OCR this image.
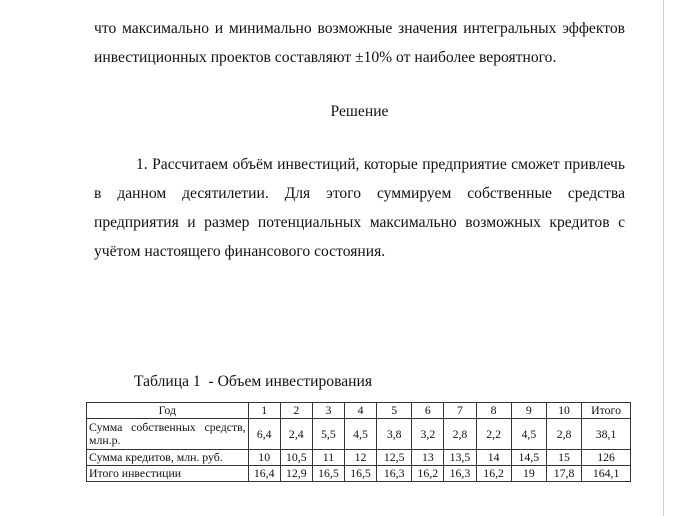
что максимально и минимально возможные значения интегральных эффектов инвестиционных проектов составляют ±10% от наиболее вероятного.

Решение

1. Рассчитаем объём инвестиций, которые предприятие сможет привлечь в данном десятилетии. Для этого суммируем собственные средства предприятия и размер потенциальных максимально возможных кредитов с учётом настоящего финансового состояния.

Таблица 1  - Объем инвестирования

Год	1	2	3	4	5	6	7	8	9	10	Итого

Сумма собственных средств, млн.р.	6,4	2,4	5,5	4,5	3,8	3,2	2,8	2,2	4,5	2,8	38,1
Сумма кредитов, млн. руб.	10	10,5	11	12	12,5	13	13,5	14	14,5	15	126
Итого инвестиции	16,4	12,9	16,5	16,5	16,3	16,2	16,3	16,2	19	17,8	164,1
